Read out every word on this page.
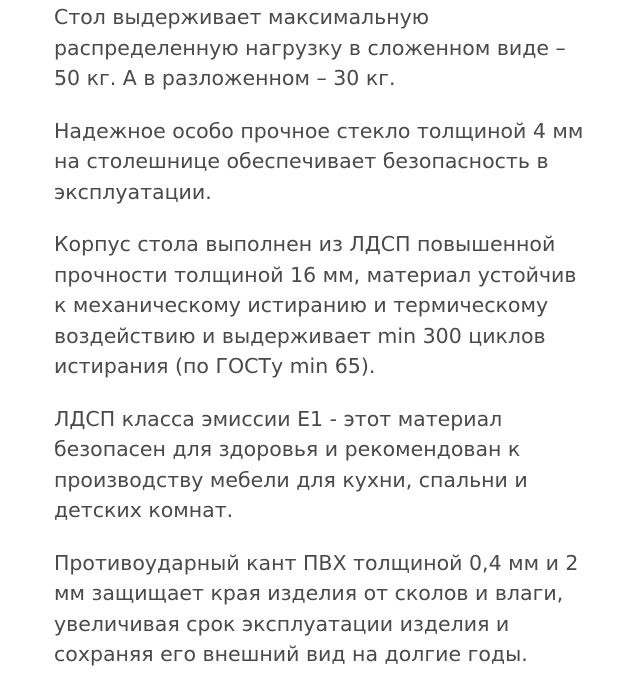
Стол выдерживает максимальную
распределенную нагрузку в сложенном виде –
50 кг. А в разложенном – 30 кг.

Надежное особо прочное стекло толщиной 4 мм
на столешнице обеспечивает безопасность в
эксплуатации.

Корпус стола выполнен из ЛДСП повышенной
прочности толщиной 16 мм, материал устойчив
к механическому истиранию и термическому
воздействию и выдерживает min 300 циклов
истирания (по ГОСТу min 65).

ЛДСП класса эмиссии Е1 - этот материал
безопасен для здоровья и рекомендован к
производству мебели для кухни, спальни и
детских комнат.

Противоударный кант ПВХ толщиной 0,4 мм и 2
мм защищает края изделия от сколов и влаги,
увеличивая срок эксплуатации изделия и
сохраняя его внешний вид на долгие годы.
